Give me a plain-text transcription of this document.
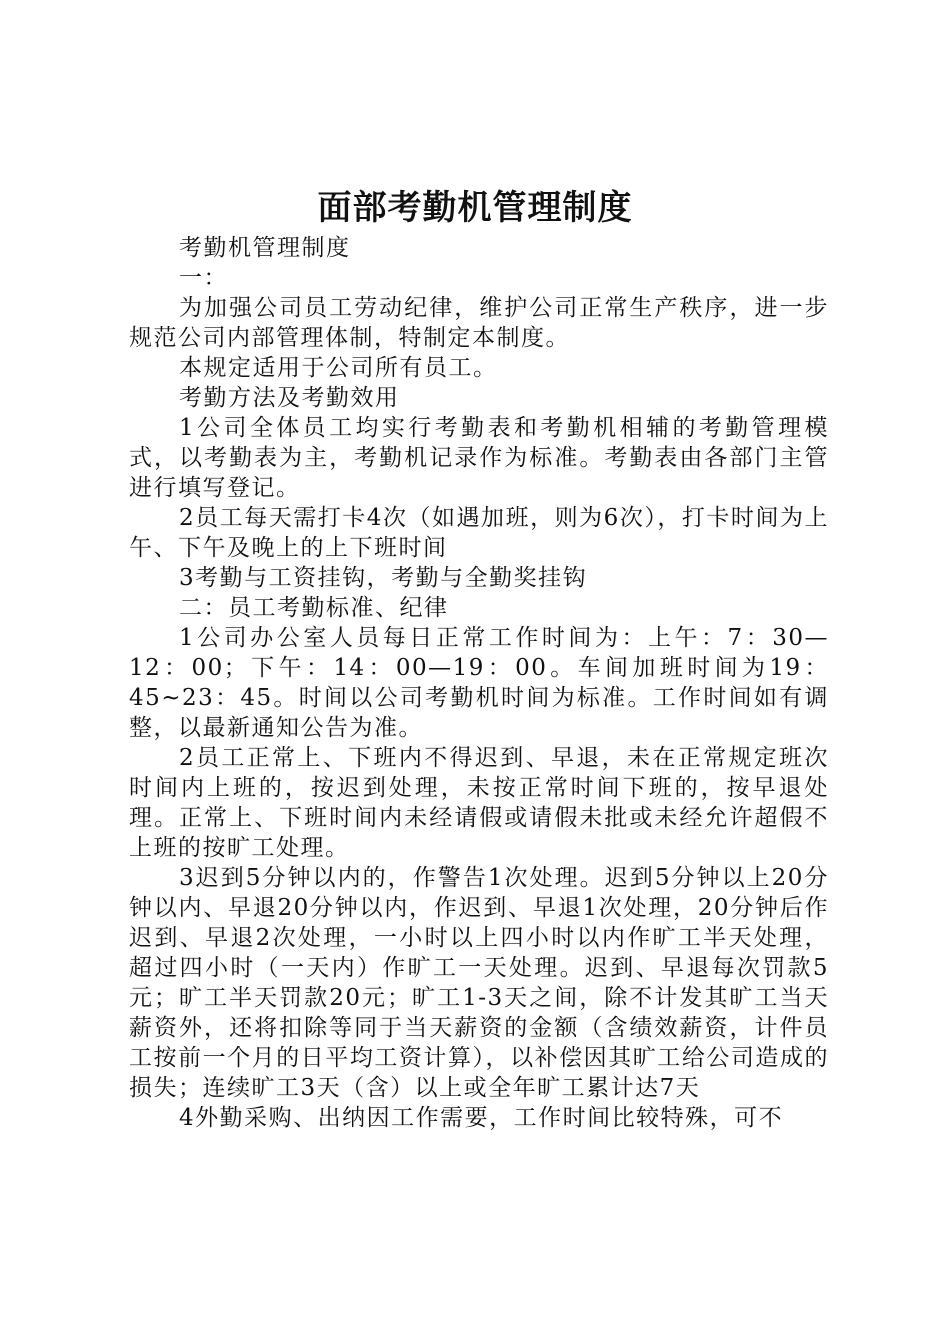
面部考勤机管理制度

考勤机管理制度

一：

为加强公司员工劳动纪律，维护公司正常生产秩序，进一步规范公司内部管理体制，特制定本制度。

本规定适用于公司所有员工。

考勤方法及考勤效用

1公司全体员工均实行考勤表和考勤机相辅的考勤管理模式，以考勤表为主，考勤机记录作为标准。考勤表由各部门主管进行填写登记。

2员工每天需打卡4次（如遇加班，则为6次），打卡时间为上午、下午及晚上的上下班时间

3考勤与工资挂钩，考勤与全勤奖挂钩

二：员工考勤标准、纪律

1公司办公室人员每日正常工作时间为：上午：7：30—12：00；下午：14：00—19：00。车间加班时间为19：45~23：45。时间以公司考勤机时间为标准。工作时间如有调整，以最新通知公告为准。

2员工正常上、下班内不得迟到、早退，未在正常规定班次时间内上班的，按迟到处理，未按正常时间下班的，按早退处理。正常上、下班时间内未经请假或请假未批或未经允许超假不上班的按旷工处理。

3迟到5分钟以内的，作警告1次处理。迟到5分钟以上20分钟以内、早退20分钟以内，作迟到、早退1次处理，20分钟后作迟到、早退2次处理，一小时以上四小时以内作旷工半天处理，超过四小时（一天内）作旷工一天处理。迟到、早退每次罚款5元；旷工半天罚款20元；旷工1-3天之间，除不计发其旷工当天薪资外，还将扣除等同于当天薪资的金额（含绩效薪资，计件员工按前一个月的日平均工资计算），以补偿因其旷工给公司造成的损失；连续旷工3天（含）以上或全年旷工累计达7天

4外勤采购、出纳因工作需要，工作时间比较特殊，可不
